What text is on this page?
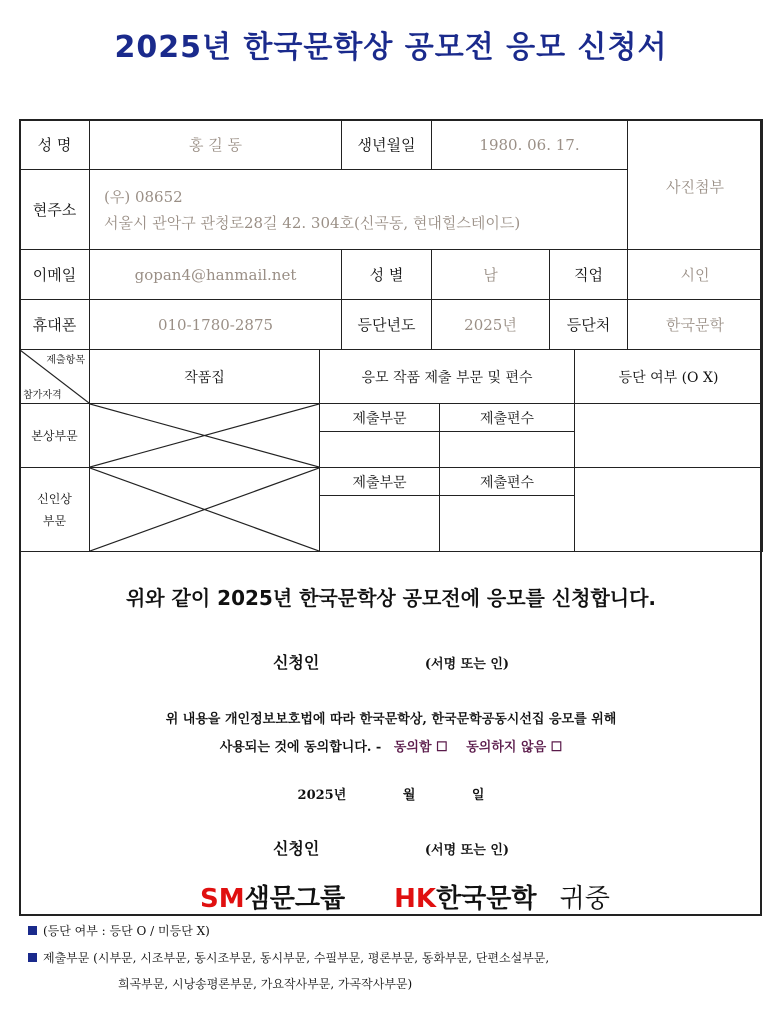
2025년 한국문학상 공모전 응모 신청서
성 명	홍 길 동	생년월일	1980. 06. 17.		사진첨부
현주소	(우) 08652
서울시 관악구 관청로28길 42. 304호(신곡동, 현대힐스테이드)				

이메일	gopan4@hanmail.net	성 별	남	직업	시인
휴대폰	010-1780-2875	등단년도	2025년	등단처	한국문학
제출항목
참가자격	작품집	응모 작품 제출 부문 및 편수		등단 여부 (O X)
본상부문		제출부문	제출편수	

신인상
부문		제출부문	제출편수	

위와 같이 2025년 한국문학상 공모전에 응모를 신청합니다.
신청인	(서명 또는 인)
위 내용을 개인정보보호법에 따라 한국문학상, 한국문학공동시선집 응모를 위해
사용되는 것에 동의합니다. - 동의함 ☐ 동의하지 않음 ☐
2025년	월	일
신청인	(서명 또는 인)
SM샘문그룹 HK한국문학 귀중
(등단 여부 : 등단 O / 미등단 X)
제출부문 (시부문, 시조부문, 동시조부문, 동시부문, 수필부문, 평론부문, 동화부문, 단편소설부문,
희곡부문, 시낭송평론부문, 가요작사부문, 가곡작사부문)
